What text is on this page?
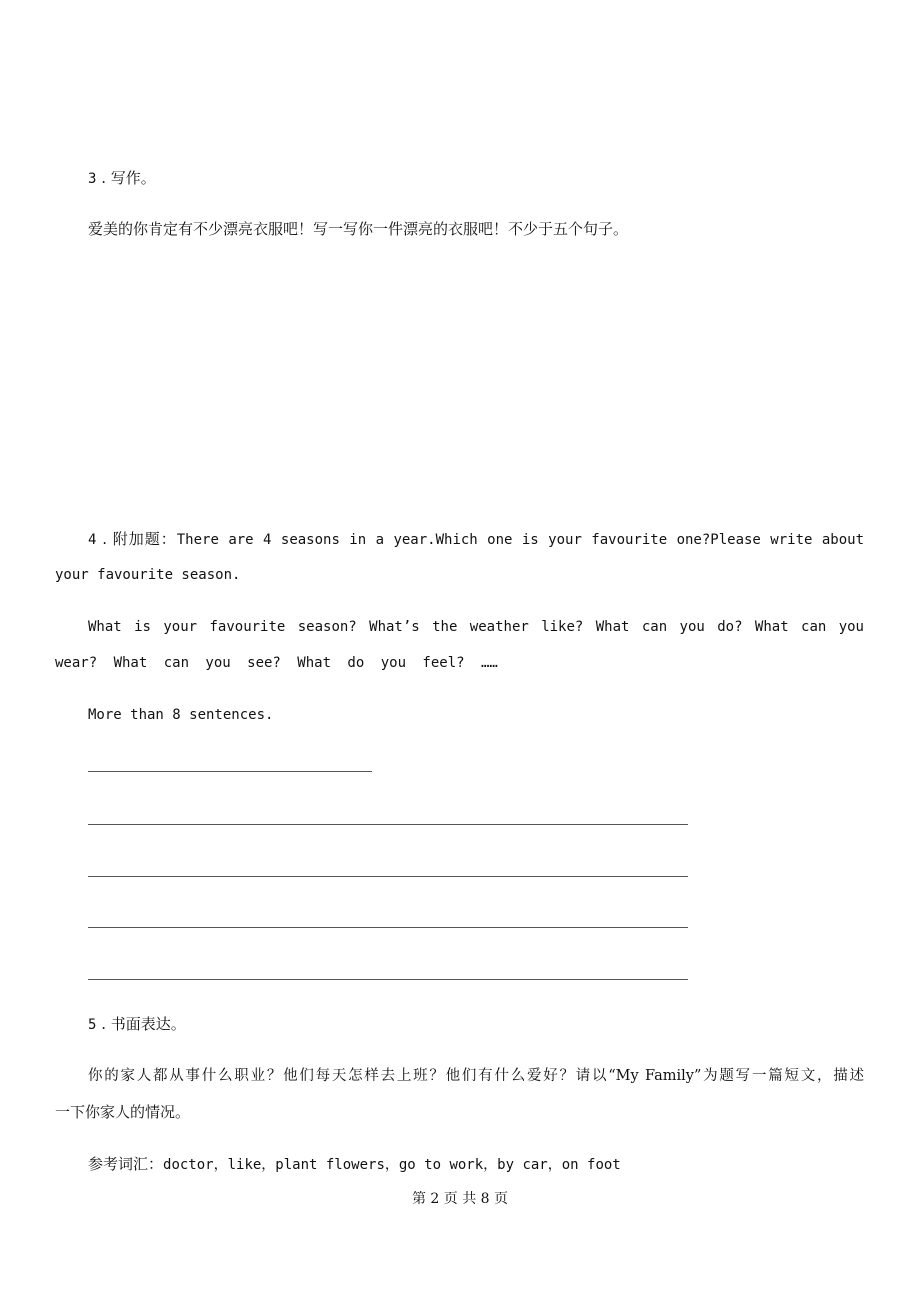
3 . 写作。
爱美的你肯定有不少漂亮衣服吧！写一写你一件漂亮的衣服吧！不少于五个句子。
4 . 附加题：There are 4 seasons in a year.Which one is your favourite one?Please write about
your favourite season.
What is your favourite season? What’s the weather like? What can you do? What can you
wear? What can you see? What do you feel? ……
More than 8 sentences.
5 . 书面表达。
你的家人都从事什么职业？他们每天怎样去上班？他们有什么爱好？请以“My Family”为题写一篇短文，描述
一下你家人的情况。
参考词汇：doctor，like，plant flowers，go to work，by car，on foot
第 2 页 共 8 页
